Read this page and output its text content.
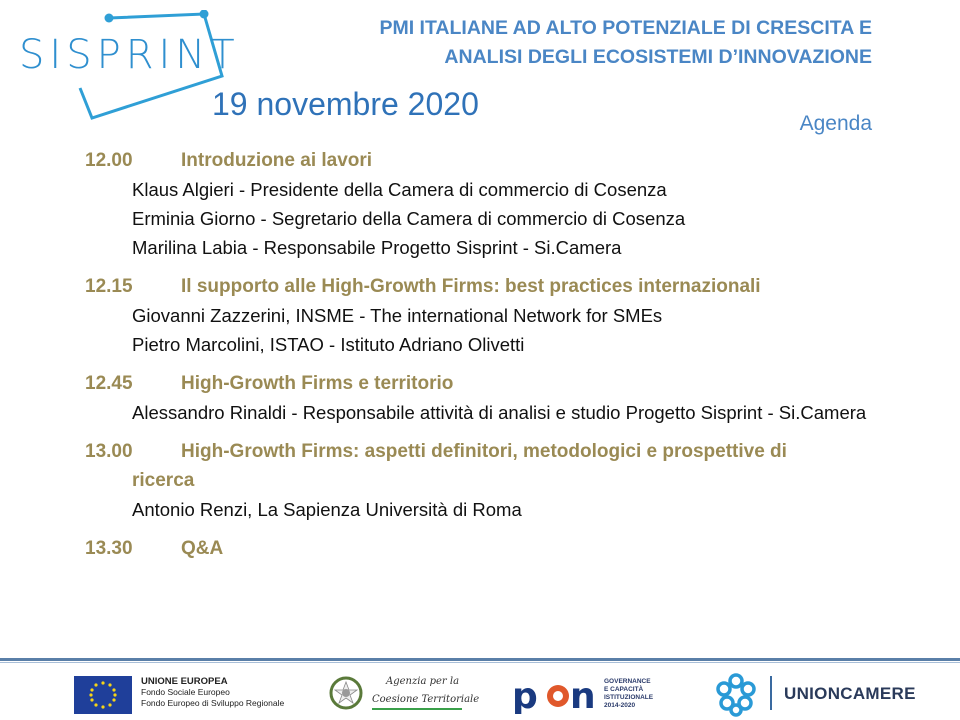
SISPRINT
PMI ITALIANE AD ALTO POTENZIALE DI CRESCITA E
ANALISI DEGLI ECOSISTEMI D’INNOVAZIONE
19 novembre 2020
Agenda
12.00	Introduzione ai lavori
Klaus Algieri - Presidente della Camera di commercio di Cosenza
Erminia Giorno - Segretario della Camera di commercio di Cosenza
Marilina Labia - Responsabile Progetto Sisprint - Si.Camera
12.15	Il supporto alle High-Growth Firms: best practices internazionali
Giovanni Zazzerini, INSME - The international Network for SMEs
Pietro Marcolini, ISTAO - Istituto Adriano Olivetti
12.45	High-Growth Firms e territorio
Alessandro Rinaldi - Responsabile attività di analisi e studio Progetto Sisprint - Si.Camera
13.00	High-Growth Firms: aspetti definitori, metodologici e prospettive di
ricerca
Antonio Renzi, La Sapienza Università di Roma
13.30	Q&A
UNIONE EUROPEA
Fondo Sociale Europeo
Fondo Europeo di Sviluppo Regionale
Agenzia per la
Coesione Territoriale p n GOVERNANCE
E CAPACITÀ
ISTITUZIONALE
2014-2020
UNIONCAMERE
